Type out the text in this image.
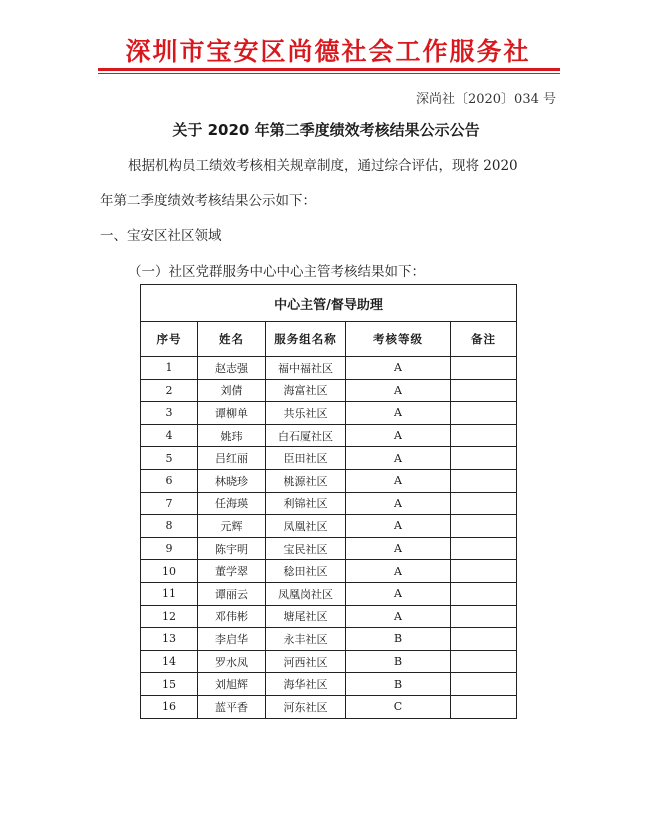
深圳市宝安区尚德社会工作服务社
深尚社〔2020〕034 号
关于 2020 年第二季度绩效考核结果公示公告
根据机构员工绩效考核相关规章制度，通过综合评估，现将 2020
年第二季度绩效考核结果公示如下：
一、宝安区社区领域
（一）社区党群服务中心中心主管考核结果如下：
中心主管/督导助理				
序号	姓名	服务组名称	考核等级	备注
1	赵志强	福中福社区	A	
2	刘倩	海富社区	A	
3	谭柳单	共乐社区	A	
4	姚玮	白石厦社区	A	
5	吕红丽	臣田社区	A	
6	林晓珍	桃源社区	A	
7	任海瑛	利锦社区	A	
8	元辉	凤凰社区	A	
9	陈宇明	宝民社区	A	
10	董学翠	稔田社区	A	
11	谭丽云	凤凰岗社区	A	
12	邓伟彬	塘尾社区	A	
13	李启华	永丰社区	B	
14	罗水凤	河西社区	B	
15	刘旭辉	海华社区	B	
16	蓝平香	河东社区	C	
